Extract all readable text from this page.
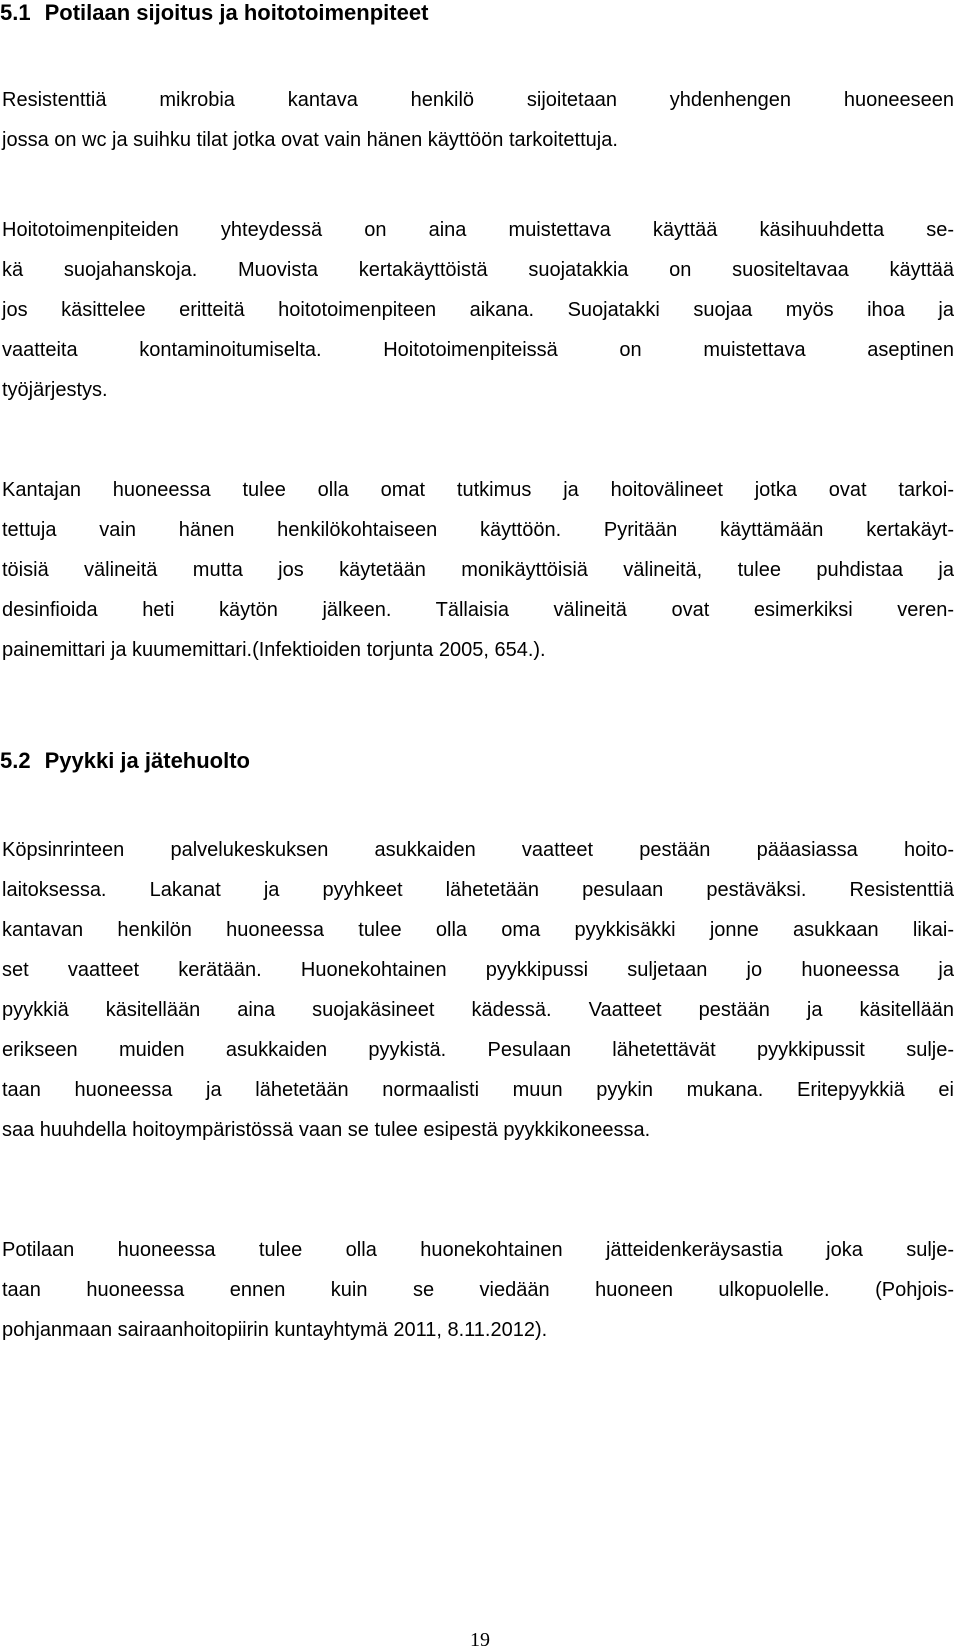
5.1 Potilaan sijoitus ja hoitotoimenpiteet
Resistenttiä mikrobia kantava henkilö sijoitetaan yhdenhengen huoneeseen
jossa on wc ja suihku tilat jotka ovat vain hänen käyttöön tarkoitettuja.
Hoitotoimenpiteiden yhteydessä on aina muistettava käyttää käsihuuhdetta se-
kä suojahanskoja. Muovista kertakäyttöistä suojatakkia on suositeltavaa käyttää
jos käsittelee eritteitä hoitotoimenpiteen aikana. Suojatakki suojaa myös ihoa ja
vaatteita kontaminoitumiselta. Hoitotoimenpiteissä on muistettava aseptinen
työjärjestys.
Kantajan huoneessa tulee olla omat tutkimus ja hoitovälineet jotka ovat tarkoi-
tettuja vain hänen henkilökohtaiseen käyttöön. Pyritään käyttämään kertakäyt-
töisiä välineitä mutta jos käytetään monikäyttöisiä välineitä, tulee puhdistaa ja
desinfioida heti käytön jälkeen. Tällaisia välineitä ovat esimerkiksi veren-
painemittari ja kuumemittari.(Infektioiden torjunta 2005, 654.).
5.2 Pyykki ja jätehuolto
Köpsinrinteen palvelukeskuksen asukkaiden vaatteet pestään pääasiassa hoito-
laitoksessa. Lakanat ja pyyhkeet lähetetään pesulaan pestäväksi. Resistenttiä
kantavan henkilön huoneessa tulee olla oma pyykkisäkki jonne asukkaan likai-
set vaatteet kerätään. Huonekohtainen pyykkipussi suljetaan jo huoneessa ja
pyykkiä käsitellään aina suojakäsineet kädessä. Vaatteet pestään ja käsitellään
erikseen muiden asukkaiden pyykistä. Pesulaan lähetettävät pyykkipussit sulje-
taan huoneessa ja lähetetään normaalisti muun pyykin mukana. Eritepyykkiä ei
saa huuhdella hoitoympäristössä vaan se tulee esipestä pyykkikoneessa.
Potilaan huoneessa tulee olla huonekohtainen jätteidenkeräysastia joka sulje-
taan huoneessa ennen kuin se viedään huoneen ulkopuolelle. (Pohjois-
pohjanmaan sairaanhoitopiirin kuntayhtymä 2011, 8.11.2012).
19
